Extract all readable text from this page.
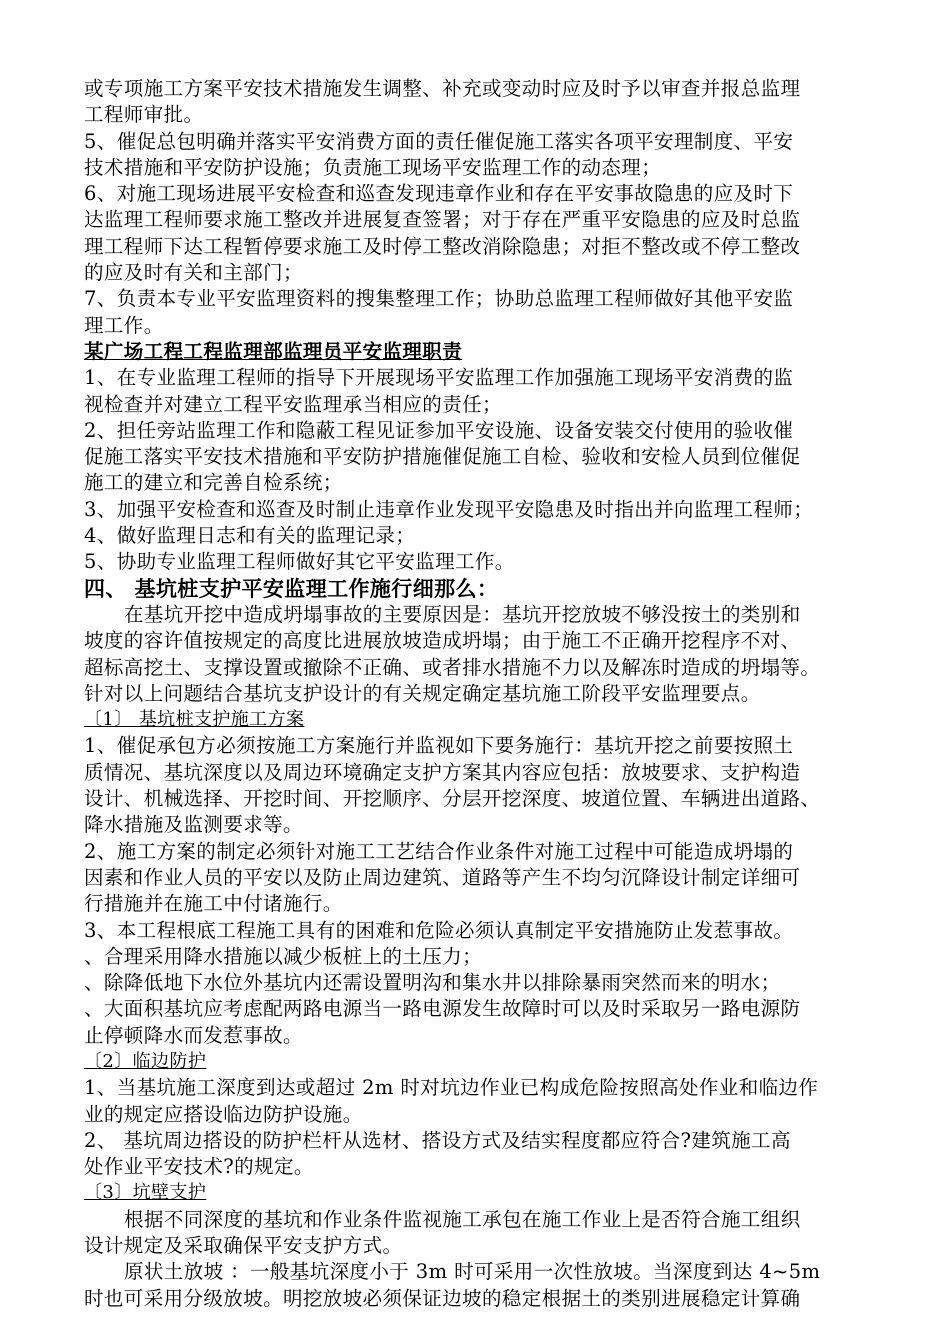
或专项施工方案平安技术措施发生调整、补充或变动时应及时予以审查并报总监理
工程师审批。
5、催促总包明确并落实平安消费方面的责任催促施工落实各项平安理制度、平安
技术措施和平安防护设施；负责施工现场平安监理工作的动态理；
6、对施工现场进展平安检查和巡查发现违章作业和存在平安事故隐患的应及时下
达监理工程师要求施工整改并进展复查签署；对于存在严重平安隐患的应及时总监
理工程师下达工程暂停要求施工及时停工整改消除隐患；对拒不整改或不停工整改
的应及时有关和主部门；
7、负责本专业平安监理资料的搜集整理工作；协助总监理工程师做好其他平安监
理工作。
某广场工程工程监理部监理员平安监理职责
1、在专业监理工程师的指导下开展现场平安监理工作加强施工现场平安消费的监
视检查并对建立工程平安监理承当相应的责任；
2、担任旁站监理工作和隐蔽工程见证参加平安设施、设备安装交付使用的验收催
促施工落实平安技术措施和平安防护措施催促施工自检、验收和安检人员到位催促
施工的建立和完善自检系统；
3、加强平安检查和巡查及时制止违章作业发现平安隐患及时指出并向监理工程师；
4、做好监理日志和有关的监理记录；
5、协助专业监理工程师做好其它平安监理工作。
四、 基坑桩支护平安监理工作施行细那么：
在基坑开挖中造成坍塌事故的主要原因是：基坑开挖放坡不够没按土的类别和
坡度的容许值按规定的高度比进展放坡造成坍塌；由于施工不正确开挖程序不对、
超标高挖土、支撑设置或撤除不正确、或者排水措施不力以及解冻时造成的坍塌等。
针对以上问题结合基坑支护设计的有关规定确定基坑施工阶段平安监理要点。
〔1〕 基坑桩支护施工方案
1、催促承包方必须按施工方案施行并监视如下要务施行：基坑开挖之前要按照土
质情况、基坑深度以及周边环境确定支护方案其内容应包括：放坡要求、支护构造
设计、机械选择、开挖时间、开挖顺序、分层开挖深度、坡道位置、车辆进出道路、
降水措施及监测要求等。
2、施工方案的制定必须针对施工工艺结合作业条件对施工过程中可能造成坍塌的
因素和作业人员的平安以及防止周边建筑、道路等产生不均匀沉降设计制定详细可
行措施并在施工中付诸施行。
3、本工程根底工程施工具有的困难和危险必须认真制定平安措施防止发惹事故。
、合理采用降水措施以减少板桩上的土压力；
、除降低地下水位外基坑内还需设置明沟和集水井以排除暴雨突然而来的明水；
、大面积基坑应考虑配两路电源当一路电源发生故障时可以及时采取另一路电源防
止停顿降水而发惹事故。
〔2〕临边防护
1、当基坑施工深度到达或超过 2m 时对坑边作业已构成危险按照高处作业和临边作
业的规定应搭设临边防护设施。
2、 基坑周边搭设的防护栏杆从选材、搭设方式及结实程度都应符合?建筑施工高
处作业平安技术?的规定。
〔3〕坑壁支护
根据不同深度的基坑和作业条件监视施工承包在施工作业上是否符合施工组织
设计规定及采取确保平安支护方式。
原状土放坡 ：一般基坑深度小于 3m 时可采用一次性放坡。当深度到达 4~5m
时也可采用分级放坡。明挖放坡必须保证边坡的稳定根据土的类别进展稳定计算确
